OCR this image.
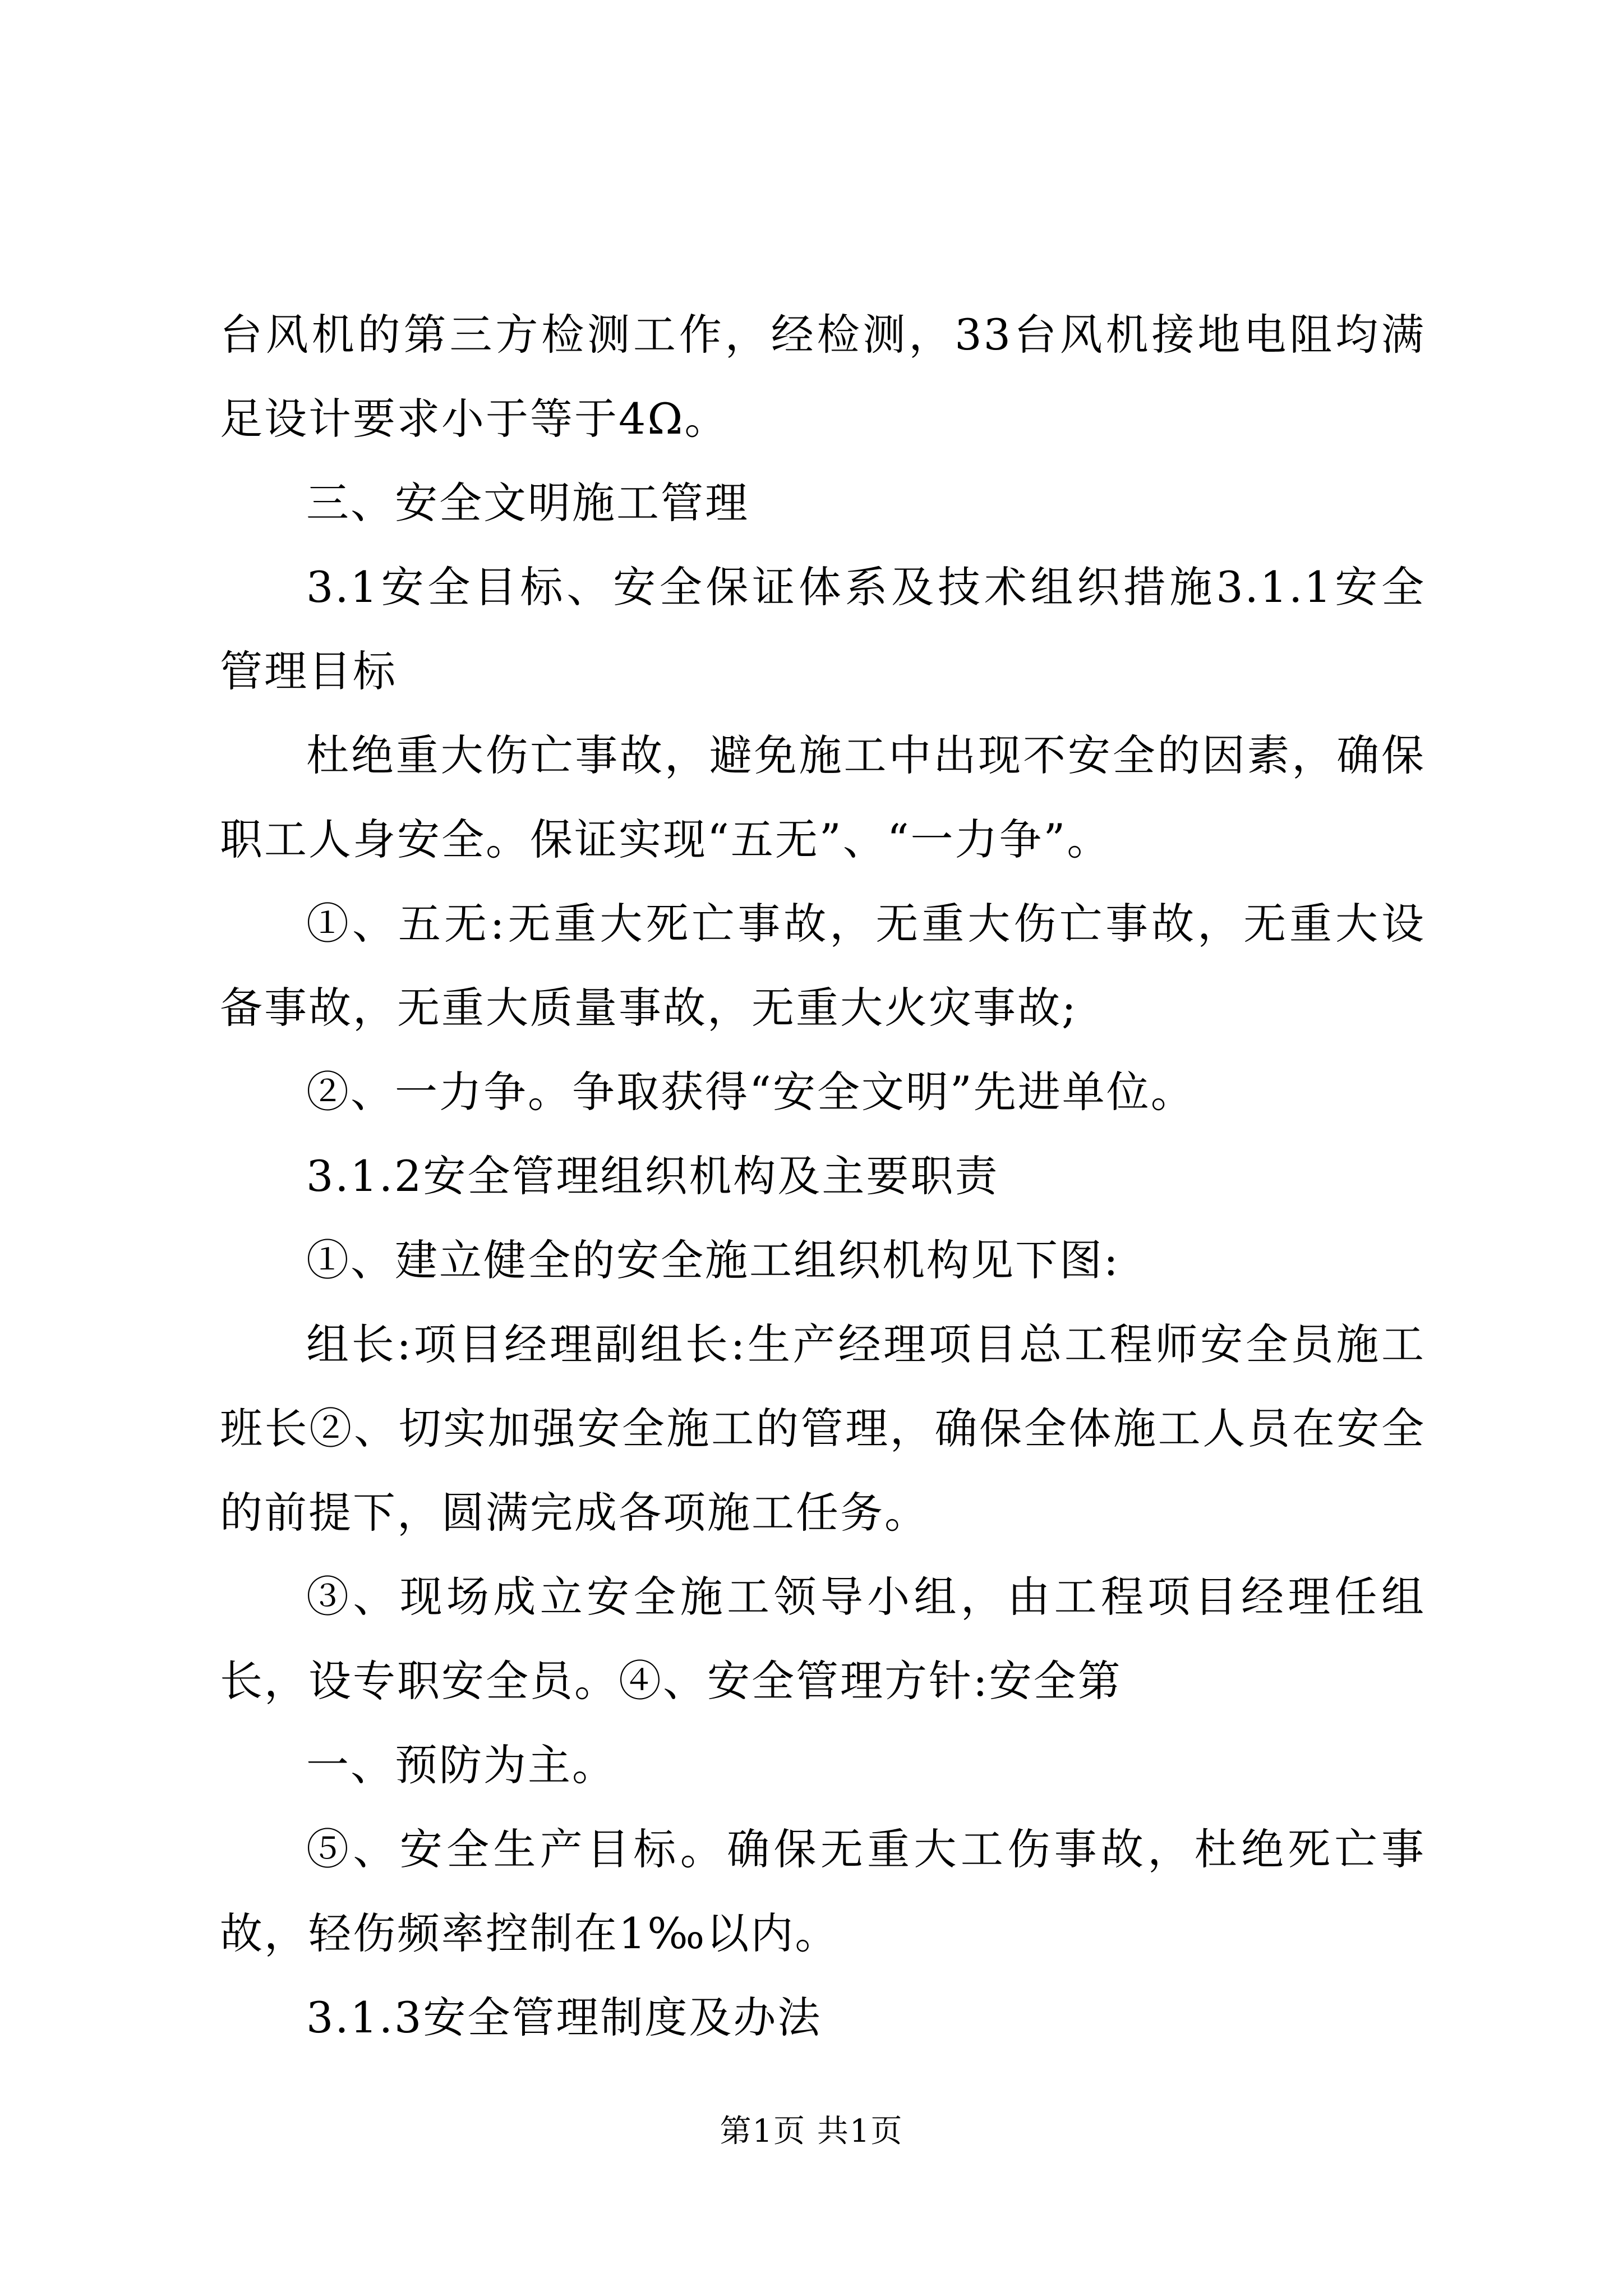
台风机的第三方检测工作，经检测，33台风机接地电阻均满足设计要求小于等于4Ω。

三、安全文明施工管理

3.1安全目标、安全保证体系及技术组织措施3.1.1安全管理目标

杜绝重大伤亡事故，避免施工中出现不安全的因素，确保职工人身安全。保证实现“五无”、“一力争”。

①、五无:无重大死亡事故，无重大伤亡事故，无重大设备事故，无重大质量事故，无重大火灾事故;

②、一力争。争取获得“安全文明”先进单位。

3.1.2安全管理组织机构及主要职责

①、建立健全的安全施工组织机构见下图:

组长:项目经理副组长:生产经理项目总工程师安全员施工班长②、切实加强安全施工的管理，确保全体施工人员在安全的前提下，圆满完成各项施工任务。

③、现场成立安全施工领导小组，由工程项目经理任组长，设专职安全员。④、安全管理方针:安全第

一、预防为主。

⑤、安全生产目标。确保无重大工伤事故，杜绝死亡事故，轻伤频率控制在1‰以内。

3.1.3安全管理制度及办法

第1页 共1页
